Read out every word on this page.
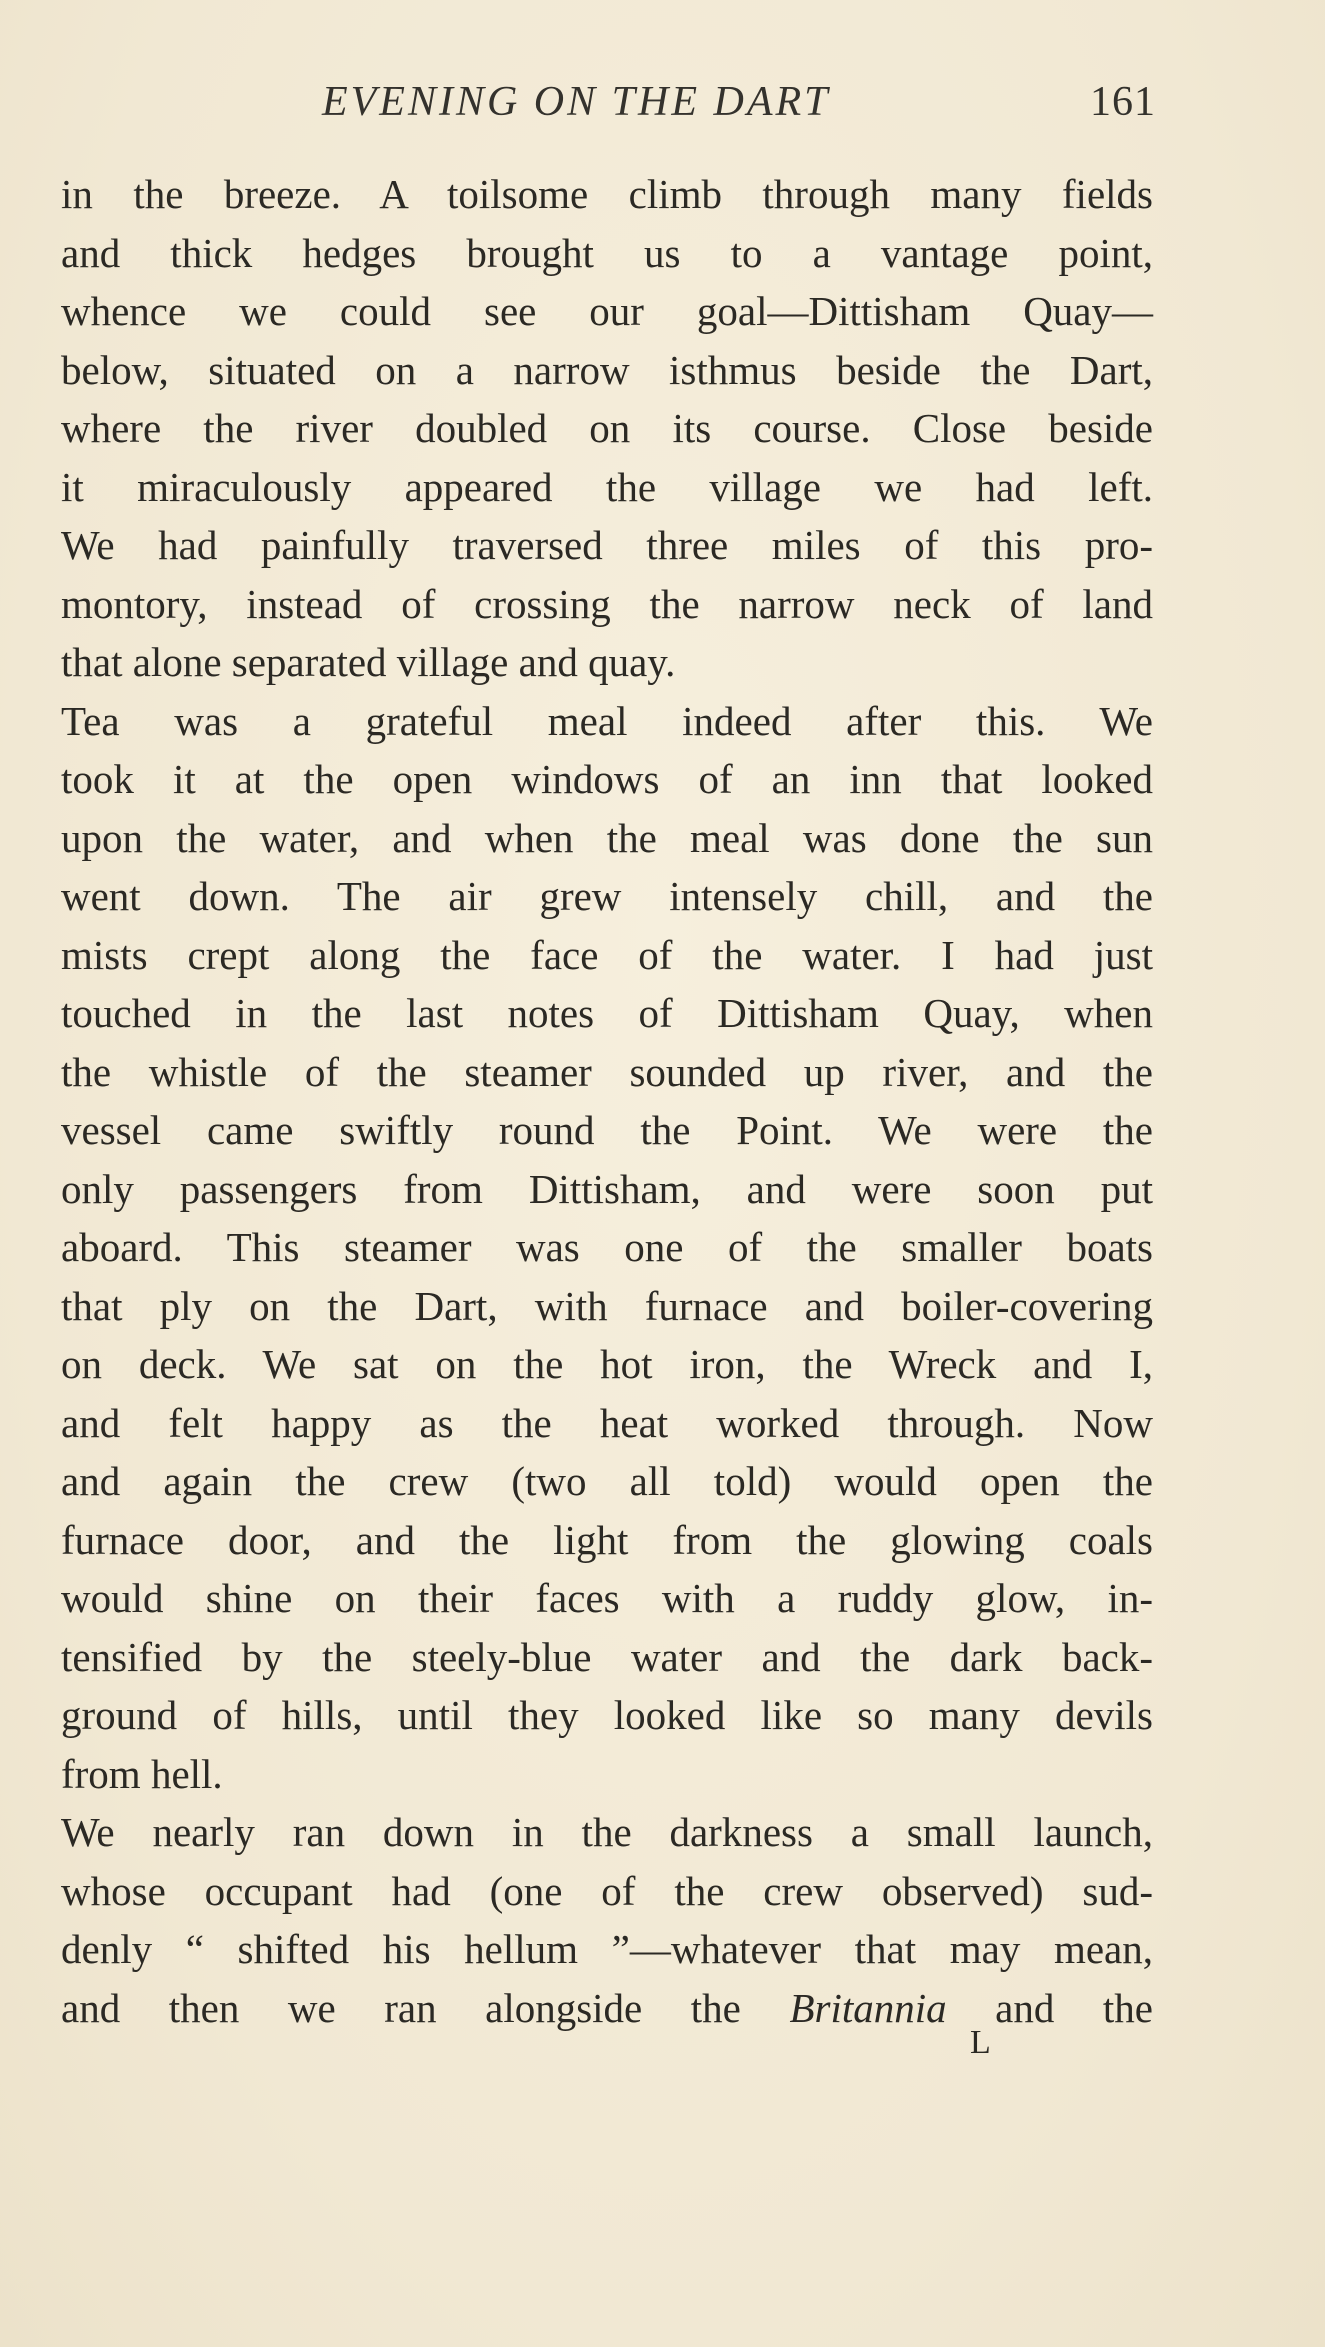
EVENING ON THE DART	161
in the breeze. A toilsome climb through many fields
and thick hedges brought us to a vantage point,
whence we could see our goal—Dittisham Quay—
below, situated on a narrow isthmus beside the Dart,
where the river doubled on its course. Close beside
it miraculously appeared the village we had left.
We had painfully traversed three miles of this pro-
montory, instead of crossing the narrow neck of land
that alone separated village and quay.
Tea was a grateful meal indeed after this. We
took it at the open windows of an inn that looked
upon the water, and when the meal was done the sun
went down. The air grew intensely chill, and the
mists crept along the face of the water. I had just
touched in the last notes of Dittisham Quay, when
the whistle of the steamer sounded up river, and the
vessel came swiftly round the Point. We were the
only passengers from Dittisham, and were soon put
aboard. This steamer was one of the smaller boats
that ply on the Dart, with furnace and boiler-covering
on deck. We sat on the hot iron, the Wreck and I,
and felt happy as the heat worked through. Now
and again the crew (two all told) would open the
furnace door, and the light from the glowing coals
would shine on their faces with a ruddy glow, in-
tensified by the steely-blue water and the dark back-
ground of hills, until they looked like so many devils
from hell.
We nearly ran down in the darkness a small launch,
whose occupant had (one of the crew observed) sud-
denly “ shifted his hellum ”—whatever that may mean,
and then we ran alongside the Britannia and the
L
